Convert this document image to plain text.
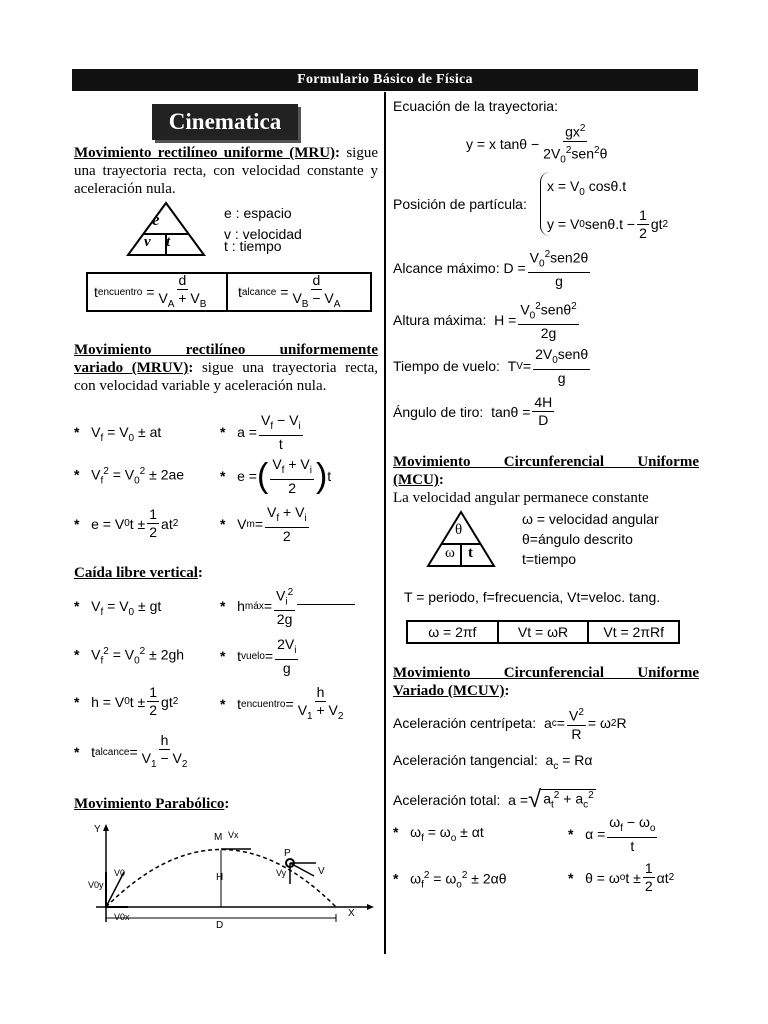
Formulario Básico de Física
Cinematica
Movimiento rectilíneo uniforme (MRU): sigue una trayectoria recta, con velocidad constante y aceleración nula.
e
v t
e : espacio
v : velocidad
t : tiempo
t encuentro = $\frac{d}{V_A + V_B}$	t alcance = $\frac{d}{V_B - V_A}$
Movimiento rectilíneo uniformemente
variado (MRUV): sigue una trayectoria recta, con velocidad variable y aceleración nula.
*   $V_f = V_0$ ± at	* $a = \frac{V_f - V_i}{t}$
*   $V_f^2 = V_0^2 \pm 2ae$	* e = ( $\frac{V_f + V_i}{2}$ ) t
* e = V 0 $t \pm \frac{1}{2}$ at 2	* V $m = \frac{V_f + V_i}{2}$
Caída libre vertical:
*   $V_f = V_0$ ± gt	* h máx = $\frac{V_i^2}{2g}$
*   $V_f^2 = V_0^2 \pm 2gh$	* t vuelo = $\frac{2V_i}{g}$
* h = V 0 $t \pm \frac{1}{2}$ gt 2	* t encuentro = $\frac{h}{V_1 + V_2}$
* t alcance = $\frac{h}{V_1 - V_2}$
Movimiento Parabólico:
Y
X
M Vx
P
V
Vy
V0
V0y
V0x
H
D
Ecuación de la trayectoria:
y = x $\tan\theta - \frac{gx^2}{2V_0^2sen^2\theta}$
Posición de partícula:
$x = V_0$ cosθ.t
y = V 0 $sen\theta.t - \frac{1}{2}$ gt 2
Alcance máximo: $D = \frac{V_0^2sen2\theta}{g}$
Altura máxima: $H = \frac{V_0^2sen\theta^2}{2g}$
Tiempo de vuelo: T $V = \frac{2V_0sen\theta}{g}$
Ángulo de tiro: $\tan\theta = \frac{4H}{D}$
Movimiento Circunferencial Uniforme
(MCU):
La velocidad angular permanece constante
θ
ω t
ω = velocidad angular
θ=ángulo descrito
t=tiempo
T = periodo, f=frecuencia, Vt=veloc. tang.
ω = 2πf	Vt = ωR	Vt = 2πRf
Movimiento Circunferencial Uniforme
Variado (MCUV):
Aceleración centrípeta: a $c = \frac{V^2}{R} = \omega$ 2 R
Aceleración tangencial:  $a_c = R\alpha$
Aceleración total: a = √ $a_t^2 + a_c^2$
*   $\omega_f = \omega_o \pm \alpha t$	* $\alpha = \frac{\omega_f - \omega_o}{t}$
*   $\omega_f^2 = \omega_o^2 \pm 2\alpha\theta$	* θ = ω o $t \pm \frac{1}{2}$ αt 2
